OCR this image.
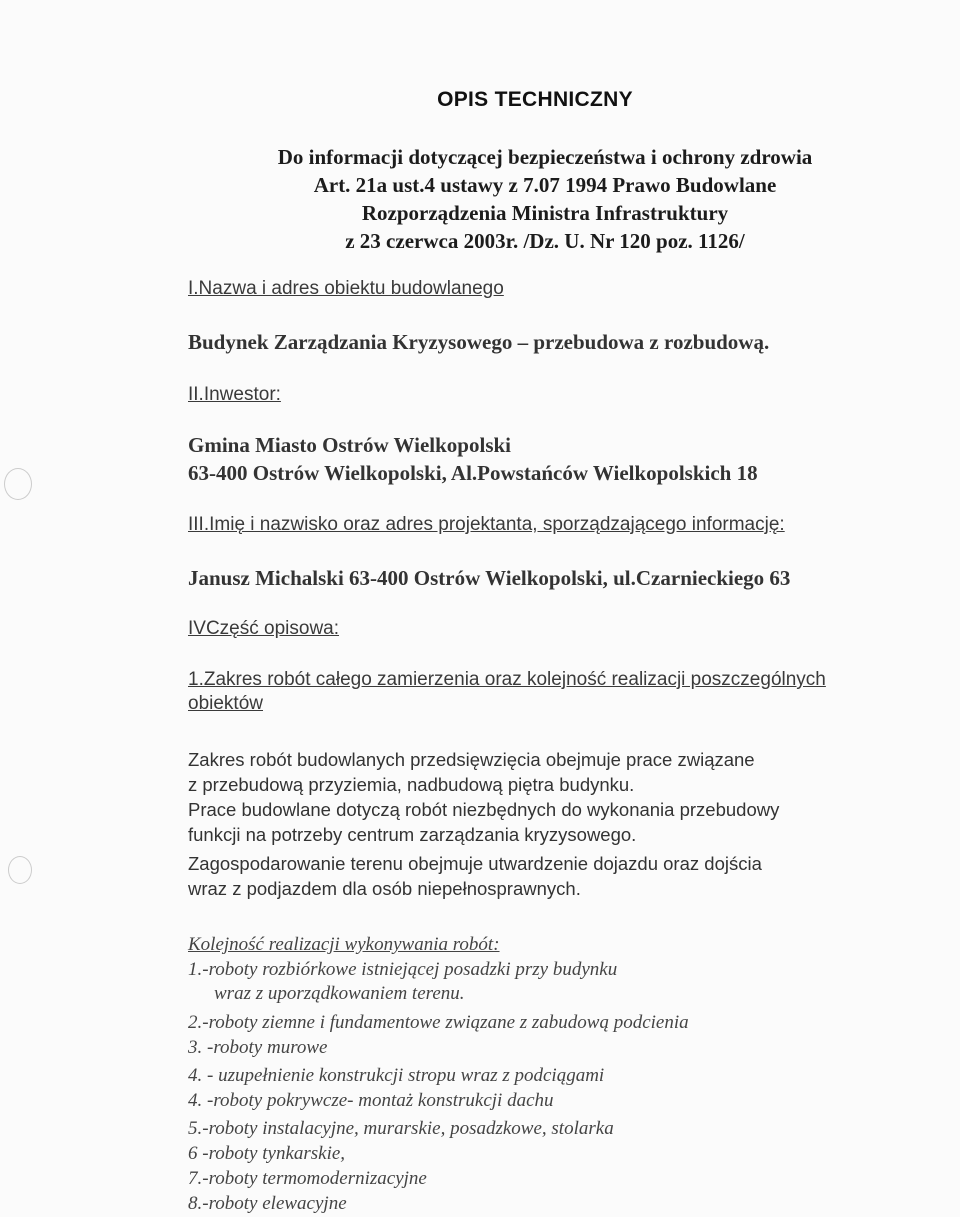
OPIS TECHNICZNY
Do informacji dotyczącej bezpieczeństwa i ochrony zdrowia
Art. 21a ust.4 ustawy z 7.07 1994 Prawo Budowlane
Rozporządzenia Ministra Infrastruktury
z 23 czerwca 2003r. /Dz. U. Nr 120 poz. 1126/
I.Nazwa i adres obiektu budowlanego
Budynek Zarządzania Kryzysowego – przebudowa z rozbudową.
II.Inwestor:
Gmina Miasto Ostrów Wielkopolski
63-400 Ostrów Wielkopolski, Al.Powstańców Wielkopolskich 18
III.Imię i nazwisko oraz adres projektanta, sporządzającego informację:
Janusz Michalski 63-400 Ostrów Wielkopolski, ul.Czarnieckiego 63
IVCzęść opisowa:
1.Zakres robót całego zamierzenia oraz kolejność realizacji poszczególnych
obiektów
Zakres robót budowlanych przedsięwzięcia obejmuje prace związane
z przebudową przyziemia, nadbudową piętra budynku.
Prace budowlane dotyczą robót niezbędnych do wykonania przebudowy
funkcji na potrzeby centrum zarządzania kryzysowego.
Zagospodarowanie terenu obejmuje utwardzenie dojazdu oraz dojścia
wraz z podjazdem dla osób niepełnosprawnych.
Kolejność realizacji wykonywania robót:
1.-roboty rozbiórkowe istniejącej posadzki przy budynku
wraz z uporządkowaniem terenu.
2.-roboty ziemne i fundamentowe związane z zabudową podcienia
3. -roboty murowe
4. - uzupełnienie konstrukcji stropu wraz z podciągami
4. -roboty pokrywcze- montaż konstrukcji dachu
5.-roboty instalacyjne, murarskie, posadzkowe, stolarka
6 -roboty tynkarskie,
7.-roboty termomodernizacyjne
8.-roboty elewacyjne
